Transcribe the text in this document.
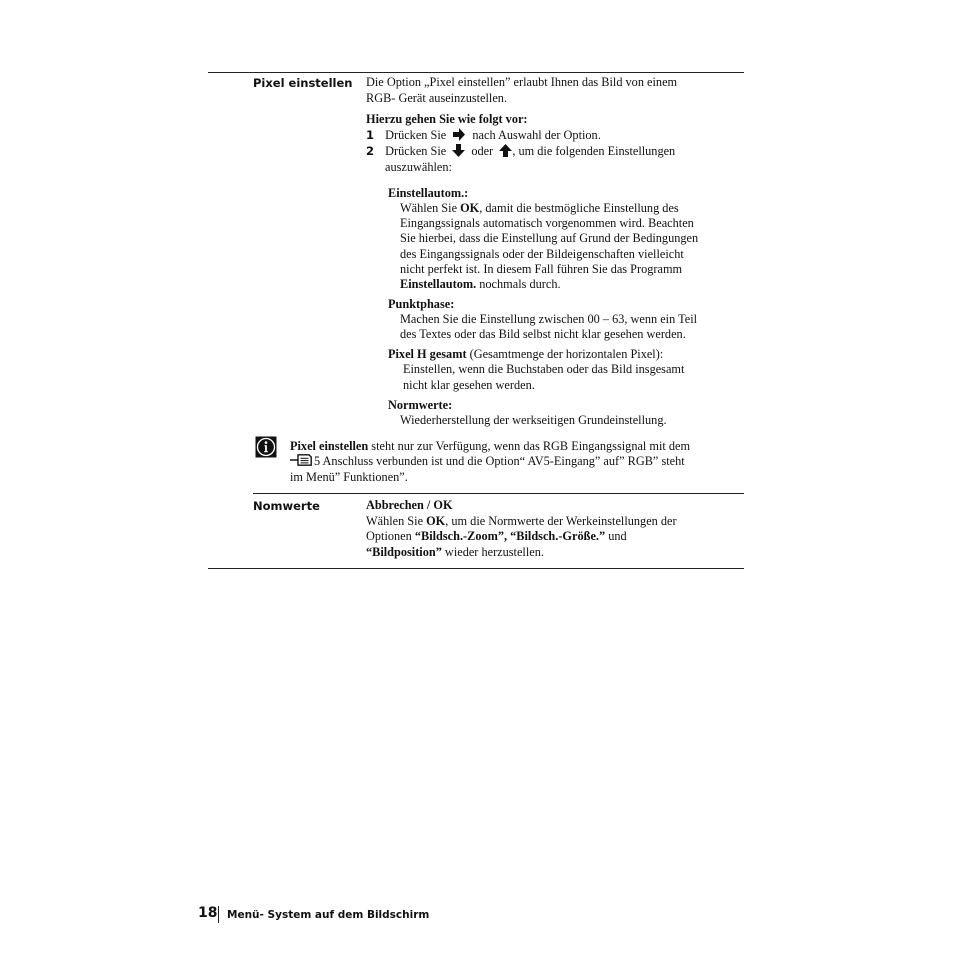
Pixel einstellen Die Option „Pixel einstellen” erlaubt Ihnen das Bild von einem
RGB- Gerät auseinzustellen.
Hierzu gehen Sie wie folgt vor:
1 Drücken Sie nach Auswahl der Option.
2 Drücken Sie oder , um die folgenden Einstellungen
auszuwählen:
Einstellautom.:
Wählen Sie OK, damit die bestmögliche Einstellung des
Eingangssignals automatisch vorgenommen wird. Beachten
Sie hierbei, dass die Einstellung auf Grund der Bedingungen
des Eingangssignals oder der Bildeigenschaften vielleicht
nicht perfekt ist. In diesem Fall führen Sie das Programm
Einstellautom. nochmals durch.
Punktphase:
Machen Sie die Einstellung zwischen 00 – 63, wenn ein Teil
des Textes oder das Bild selbst nicht klar gesehen werden.
Pixel H gesamt (Gesamtmenge der horizontalen Pixel):
Einstellen, wenn die Buchstaben oder das Bild insgesamt
nicht klar gesehen werden.
Normwerte:
Wiederherstellung der werkseitigen Grundeinstellung.
Pixel einstellen steht nur zur Verfügung, wenn das RGB Eingangssignal mit dem
5 Anschluss verbunden ist und die Option“ AV5-Eingang” auf” RGB” steht
im Menü” Funktionen”.
Nomwerte	Abbrechen / OK
Wählen Sie OK, um die Normwerte der Werkeinstellungen der
Optionen “Bildsch.-Zoom”, “Bildsch.-Größe.” und
“Bildposition” wieder herzustellen.
18 Menü- System auf dem Bildschirm
